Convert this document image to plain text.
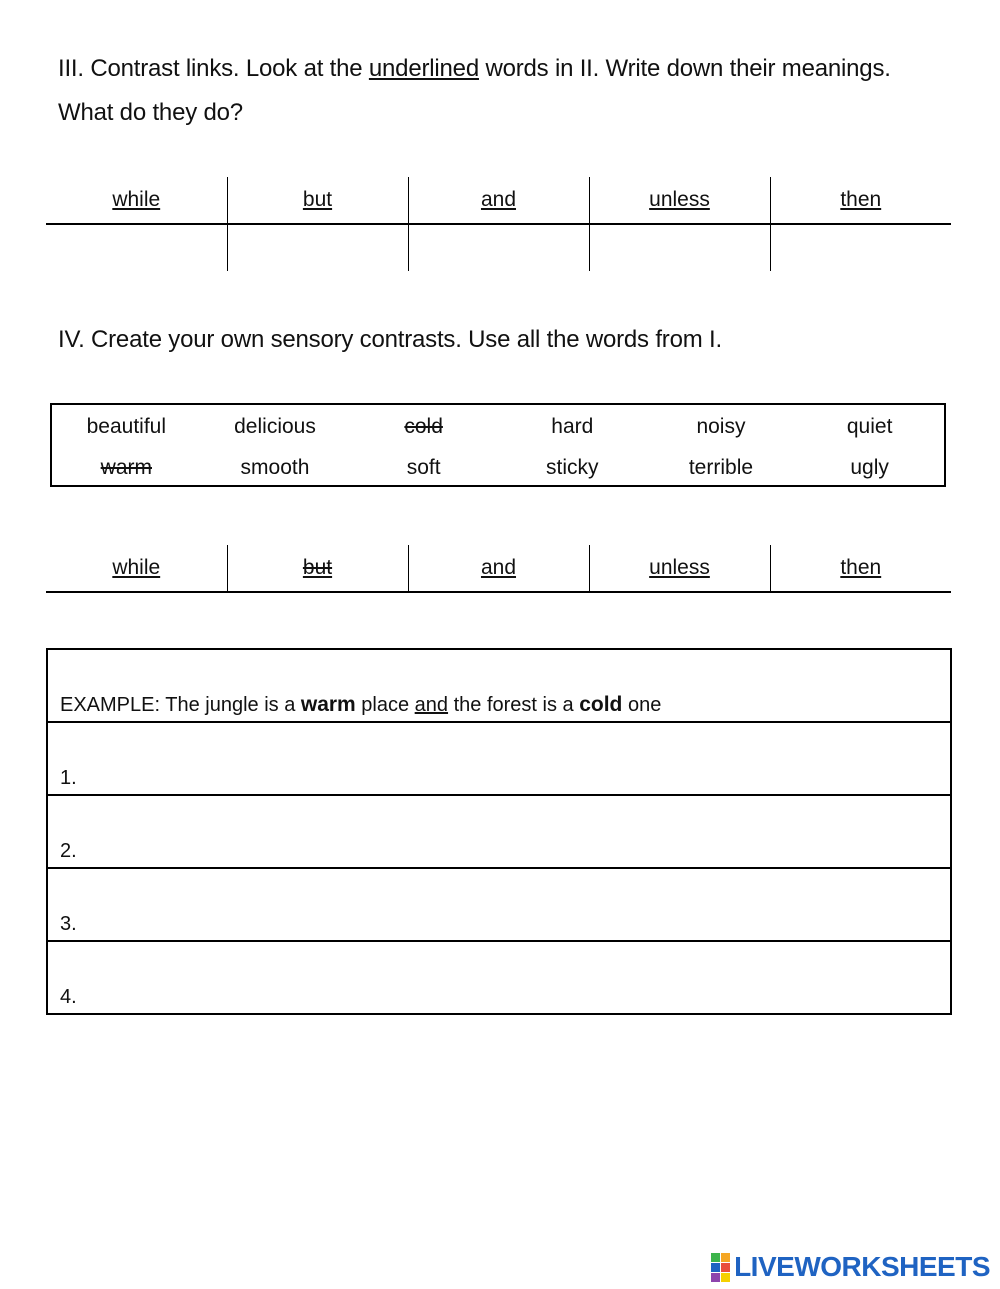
III. Contrast links. Look at the underlined words in II. Write down their meanings. What do they do?
while	but	and	unless	then

IV. Create your own sensory contrasts. Use all the words from I.
beautiful	delicious	cold	hard	noisy	quiet
warm	smooth	soft	sticky	terrible	ugly
while	but	and	unless	then
EXAMPLE: The jungle is a warm place and the forest is a cold one
1.
2.
3.
4.
LIVEWORKSHEETS
